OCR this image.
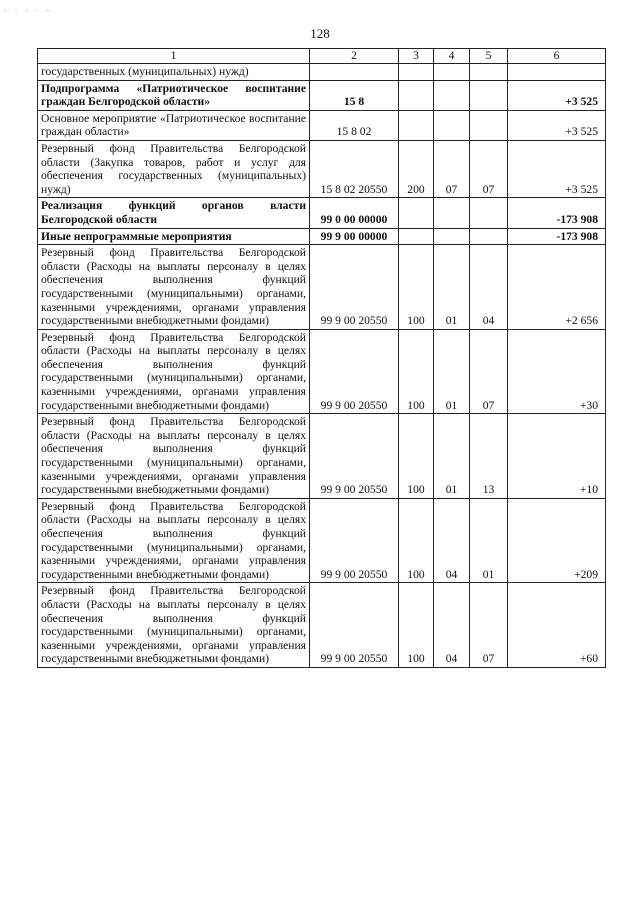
- · - · -
128
1	2	3	4	5	6
государственных (муниципальных) нужд)					
Подпрограмма «Патриотическое воспитание граждан Белгородской области»	15 8				+3 525
Основное мероприятие «Патриотическое воспитание граждан области»	15 8 02				+3 525
Резервный фонд Правительства Белгородской области (Закупка товаров, работ и услуг для обеспечения государственных (муниципальных) нужд)	15 8 02 20550	200	07	07	+3 525
Реализация функций органов власти Белгородской области	99 0 00 00000				-173 908
Иные непрограммные мероприятия	99 9 00 00000				-173 908
Резервный фонд Правительства Белгородской области (Расходы на выплаты персоналу в целях обеспечения выполнения функций государственными (муниципальными) органами, казенными учреждениями, органами управления государственными внебюджетными фондами)	99 9 00 20550	100	01	04	+2 656
Резервный фонд Правительства Белгородской области (Расходы на выплаты персоналу в целях обеспечения выполнения функций государственными (муниципальными) органами, казенными учреждениями, органами управления государственными внебюджетными фондами)	99 9 00 20550	100	01	07	+30
Резервный фонд Правительства Белгородской области (Расходы на выплаты персоналу в целях обеспечения выполнения функций государственными (муниципальными) органами, казенными учреждениями, органами управления государственными внебюджетными фондами)	99 9 00 20550	100	01	13	+10
Резервный фонд Правительства Белгородской области (Расходы на выплаты персоналу в целях обеспечения выполнения функций государственными (муниципальными) органами, казенными учреждениями, органами управления государственными внебюджетными фондами)	99 9 00 20550	100	04	01	+209
Резервный фонд Правительства Белгородской области (Расходы на выплаты персоналу в целях обеспечения выполнения функций государственными (муниципальными) органами, казенными учреждениями, органами управления государственными внебюджетными фондами)	99 9 00 20550	100	04	07	+60
